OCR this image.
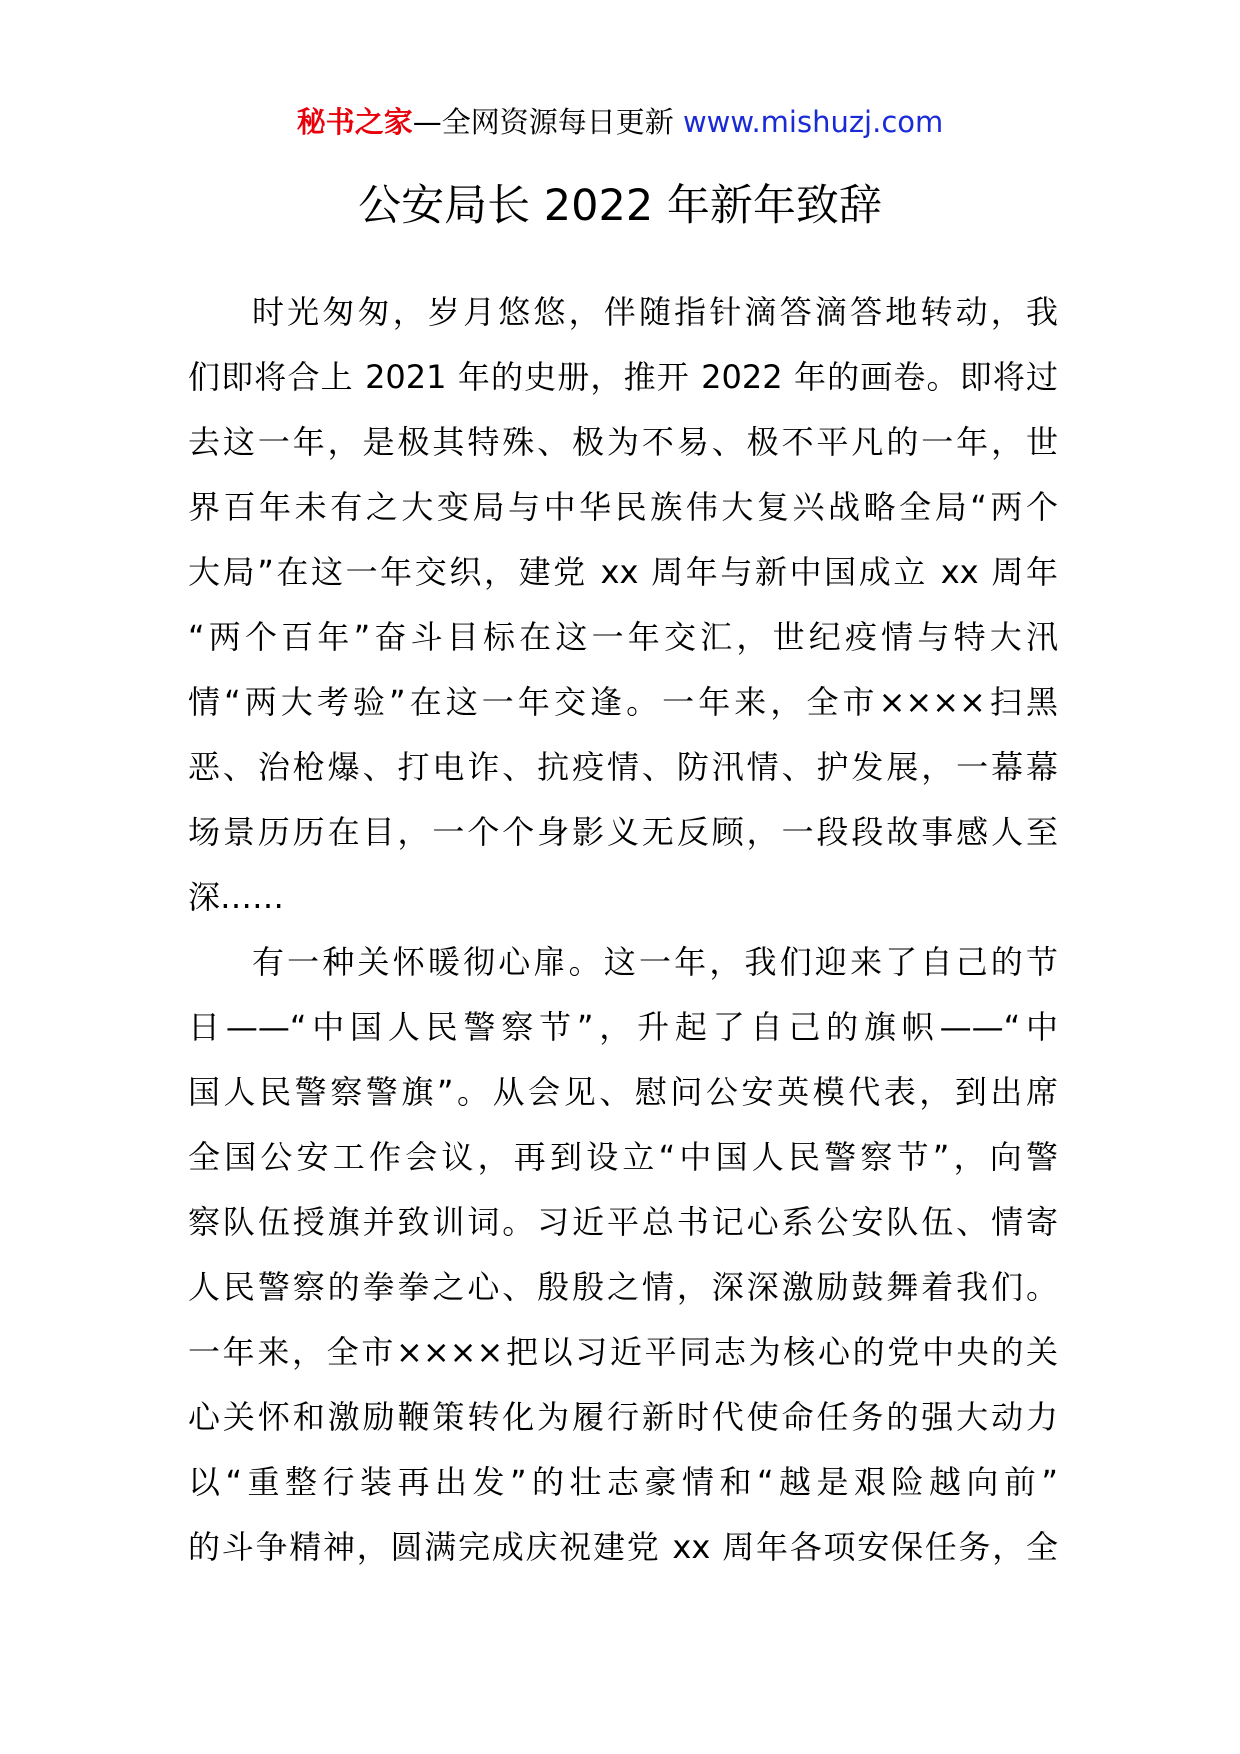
秘书之家—全网资源每日更新 www.mishuzj.com
公安局长 2022 年新年致辞
时光匆匆，岁月悠悠，伴随指针滴答滴答地转动，我
们即将合上 2021 年的史册，推开 2022 年的画卷。即将过
去这一年，是极其特殊、极为不易、极不平凡的一年，世
界百年未有之大变局与中华民族伟大复兴战略全局“两个
大局”在这一年交织，建党 xx 周年与新中国成立 xx 周年
“两个百年”奋斗目标在这一年交汇，世纪疫情与特大汛
情“两大考验”在这一年交逢。一年来，全市××××扫黑
恶、治枪爆、打电诈、抗疫情、防汛情、护发展，一幕幕
场景历历在目，一个个身影义无反顾，一段段故事感人至
深……
有一种关怀暖彻心扉。这一年，我们迎来了自己的节
日——“中国人民警察节”，升起了自己的旗帜——“中
国人民警察警旗”。从会见、慰问公安英模代表，到出席
全国公安工作会议，再到设立“中国人民警察节”，向警
察队伍授旗并致训词。习近平总书记心系公安队伍、情寄
人民警察的拳拳之心、殷殷之情，深深激励鼓舞着我们。
一年来，全市××××把以习近平同志为核心的党中央的关
心关怀和激励鞭策转化为履行新时代使命任务的强大动力
以“重整行装再出发”的壮志豪情和“越是艰险越向前”
的斗争精神，圆满完成庆祝建党 xx 周年各项安保任务，全
